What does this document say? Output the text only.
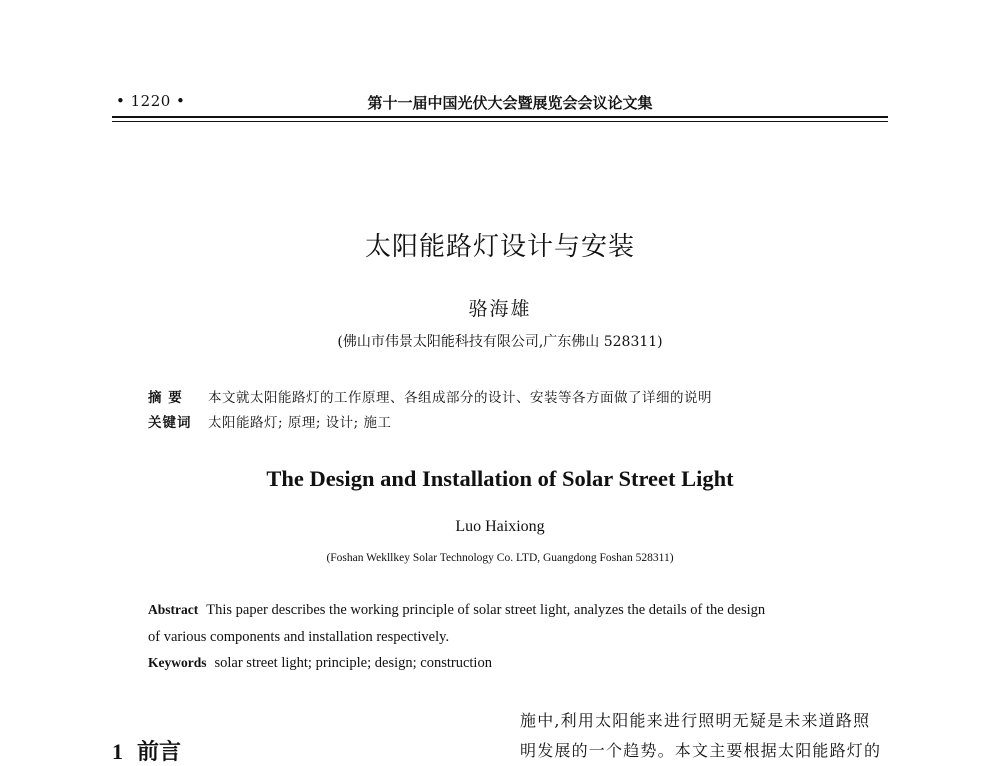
• 1220 •	第十一届中国光伏大会暨展览会会议论文集
太阳能路灯设计与安装
骆海雄
(佛山市伟景太阳能科技有限公司,广东佛山 528311)
摘 要 本文就太阳能路灯的工作原理、各组成部分的设计、安装等各方面做了详细的说明
关键词 太阳能路灯; 原理; 设计; 施工
The Design and Installation of Solar Street Light
Luo Haixiong
(Foshan Wekllkey Solar Technology Co. LTD, Guangdong Foshan 528311)
Abstract This paper describes the working principle of solar street light, analyzes the details of the design
of various components and installation respectively.
Keywords solar street light; principle; design; construction
1 前言
施中,利用太阳能来进行照明无疑是未来道路照
明发展的一个趋势。本文主要根据太阳能路灯的
